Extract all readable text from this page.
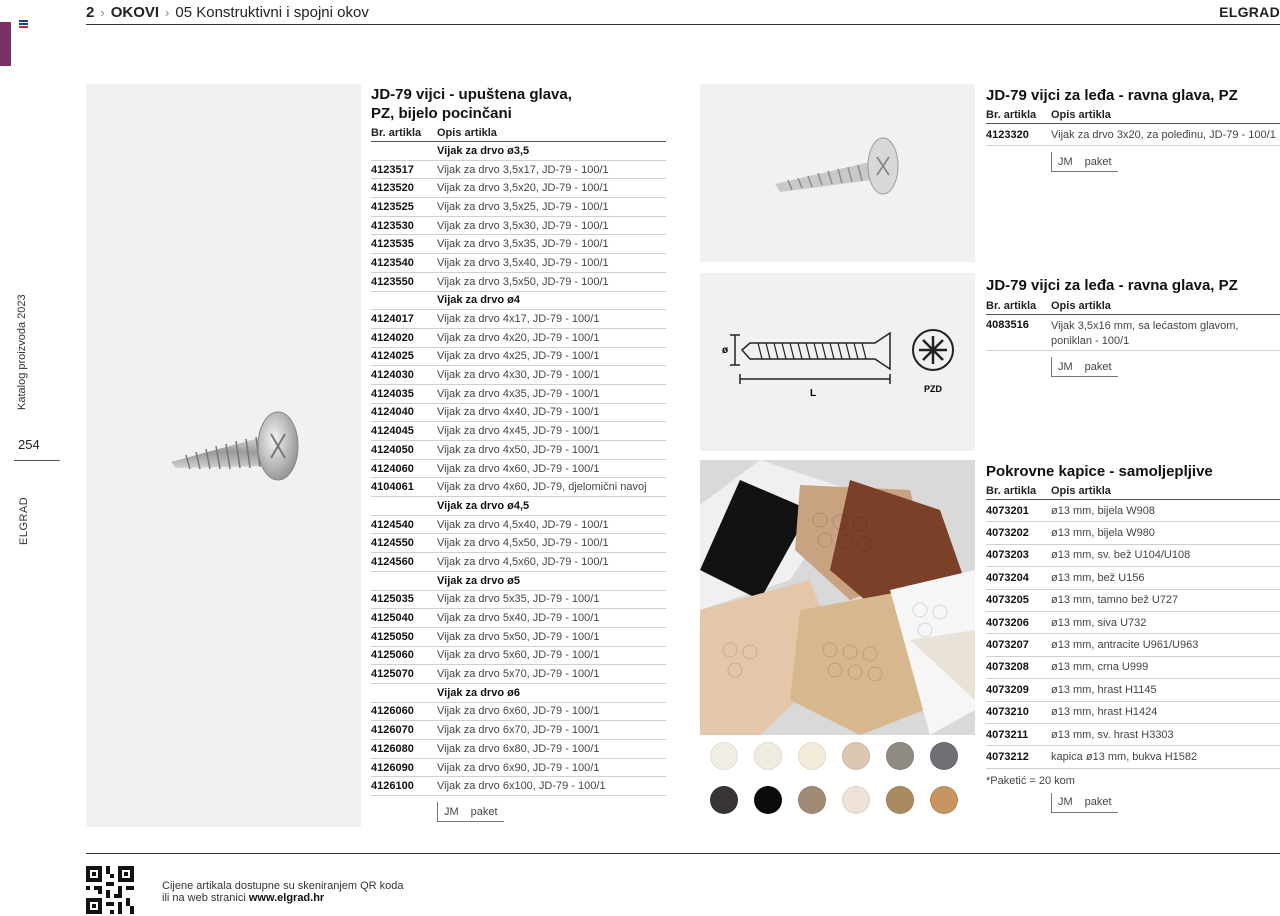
Katalog proizvoda 2023
254
ELGRAD
2 › OKOVI › 05
Konstruktivni i spojni okov	ELGRAD
JD-79 vijci - upuštena glava,
PZ, bijelo pocinčani
Br. artikla	Opis artikla
Vijak za drvo ø3,5
4123517	Vijak za drvo 3,5x17, JD-79 - 100/1
4123520	Vijak za drvo 3,5x20, JD-79 - 100/1
4123525	Vijak za drvo 3,5x25, JD-79 - 100/1
4123530	Vijak za drvo 3,5x30, JD-79 - 100/1
4123535	Vijak za drvo 3,5x35, JD-79 - 100/1
4123540	Vijak za drvo 3,5x40, JD-79 - 100/1
4123550	Vijak za drvo 3,5x50, JD-79 - 100/1
Vijak za drvo ø4
4124017	Vijak za drvo 4x17, JD-79 - 100/1
4124020	Vijak za drvo 4x20, JD-79 - 100/1
4124025	Vijak za drvo 4x25, JD-79 - 100/1
4124030	Vijak za drvo 4x30, JD-79 - 100/1
4124035	Vijak za drvo 4x35, JD-79 - 100/1
4124040	Vijak za drvo 4x40, JD-79 - 100/1
4124045	Vijak za drvo 4x45, JD-79 - 100/1
4124050	Vijak za drvo 4x50, JD-79 - 100/1
4124060	Vijak za drvo 4x60, JD-79 - 100/1
4104061	Vijak za drvo 4x60, JD-79, djelomični navoj
Vijak za drvo ø4,5
4124540	Vijak za drvo 4,5x40, JD-79 - 100/1
4124550	Vijak za drvo 4,5x50, JD-79 - 100/1
4124560	Vijak za drvo 4,5x60, JD-79 - 100/1
Vijak za drvo ø5
4125035	Vijak za drvo 5x35, JD-79 - 100/1
4125040	Vijak za drvo 5x40, JD-79 - 100/1
4125050	Vijak za drvo 5x50, JD-79 - 100/1
4125060	Vijak za drvo 5x60, JD-79 - 100/1
4125070	Vijak za drvo 5x70, JD-79 - 100/1
Vijak za drvo ø6
4126060	Vijak za drvo 6x60, JD-79 - 100/1
4126070	Vijak za drvo 6x70, JD-79 - 100/1
4126080	Vijak za drvo 6x80, JD-79 - 100/1
4126090	Vijak za drvo 6x90, JD-79 - 100/1
4126100	Vijak za drvo 6x100, JD-79 - 100/1
JM paket
JD-79 vijci za leđa - ravna glava, PZ
Br. artikla	Opis artikla
4123320	Vijak za drvo 3x20, za poleđinu, JD-79 - 100/1
JM paket
ø
L	PZD
JD-79 vijci za leđa - ravna glava, PZ
Br. artikla	Opis artikla
4083516	Vijak 3,5x16 mm, sa lećastom glavom,
poniklan - 100/1
JM paket
Pokrovne kapice - samoljepljive
Br. artikla	Opis artikla
4073201	ø13 mm, bijela W908
4073202	ø13 mm, bijela W980
4073203	ø13 mm, sv. bež U104/U108
4073204	ø13 mm, bež U156
4073205	ø13 mm, tamno bež U727
4073206	ø13 mm, siva U732
4073207	ø13 mm, antracite U961/U963
4073208	ø13 mm, crna U999
4073209	ø13 mm, hrast H1145
4073210	ø13 mm, hrast H1424
4073211	ø13 mm, sv. hrast H3303
4073212	kapica ø13 mm, bukva H1582
*Paketić = 20 kom
JM paket
Cijene artikala dostupne su skeniranjem QR koda
ili na web stranici www.elgrad.hr
